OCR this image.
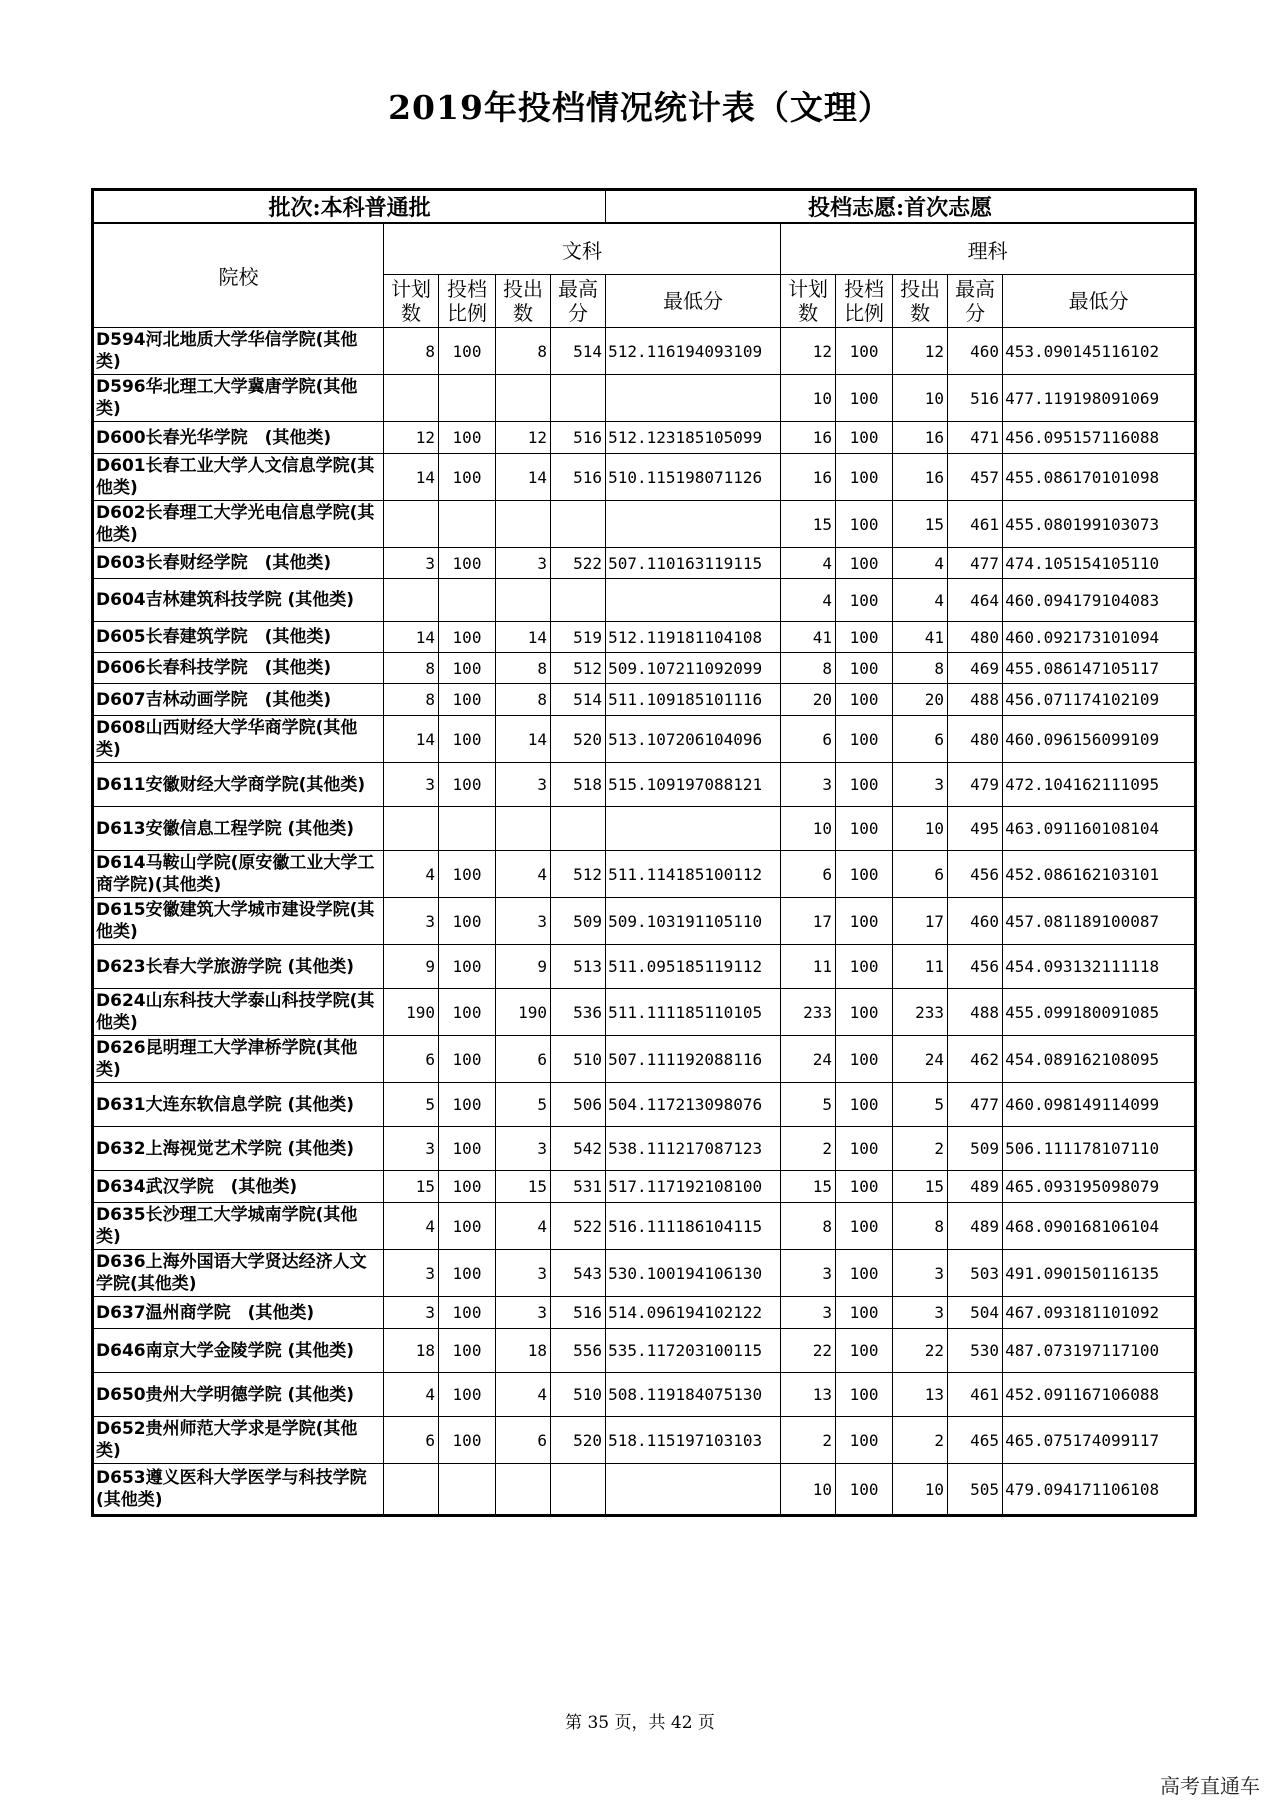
2019年投档情况统计表（文理）
批次:本科普通批					投档志愿:首次志愿					
院校	文科					理科				
	计划数	投档比例	投出数	最高分	最低分	计划数	投档比例	投出数	最高分	最低分
D594河北地质大学华信学院(其他类)	8	100	8	514	512.116194093109	12	100	12	460	453.090145116102
D596华北理工大学冀唐学院(其他类)						10	100	10	516	477.119198091069
D600长春光华学院　(其他类)	12	100	12	516	512.123185105099	16	100	16	471	456.095157116088
D601长春工业大学人文信息学院(其他类)	14	100	14	516	510.115198071126	16	100	16	457	455.086170101098
D602长春理工大学光电信息学院(其他类)						15	100	15	461	455.080199103073
D603长春财经学院　(其他类)	3	100	3	522	507.110163119115	4	100	4	477	474.105154105110
D604吉林建筑科技学院 (其他类)						4	100	4	464	460.094179104083
D605长春建筑学院　(其他类)	14	100	14	519	512.119181104108	41	100	41	480	460.092173101094
D606长春科技学院　(其他类)	8	100	8	512	509.107211092099	8	100	8	469	455.086147105117
D607吉林动画学院　(其他类)	8	100	8	514	511.109185101116	20	100	20	488	456.071174102109
D608山西财经大学华商学院(其他类)	14	100	14	520	513.107206104096	6	100	6	480	460.096156099109
D611安徽财经大学商学院(其他类)	3	100	3	518	515.109197088121	3	100	3	479	472.104162111095
D613安徽信息工程学院 (其他类)						10	100	10	495	463.091160108104
D614马鞍山学院(原安徽工业大学工商学院)(其他类)	4	100	4	512	511.114185100112	6	100	6	456	452.086162103101
D615安徽建筑大学城市建设学院(其他类)	3	100	3	509	509.103191105110	17	100	17	460	457.081189100087
D623长春大学旅游学院 (其他类)	9	100	9	513	511.095185119112	11	100	11	456	454.093132111118
D624山东科技大学泰山科技学院(其他类)	190	100	190	536	511.111185110105	233	100	233	488	455.099180091085
D626昆明理工大学津桥学院(其他类)	6	100	6	510	507.111192088116	24	100	24	462	454.089162108095
D631大连东软信息学院 (其他类)	5	100	5	506	504.117213098076	5	100	5	477	460.098149114099
D632上海视觉艺术学院 (其他类)	3	100	3	542	538.111217087123	2	100	2	509	506.111178107110
D634武汉学院　(其他类)	15	100	15	531	517.117192108100	15	100	15	489	465.093195098079
D635长沙理工大学城南学院(其他类)	4	100	4	522	516.111186104115	8	100	8	489	468.090168106104
D636上海外国语大学贤达经济人文学院(其他类)	3	100	3	543	530.100194106130	3	100	3	503	491.090150116135
D637温州商学院　(其他类)	3	100	3	516	514.096194102122	3	100	3	504	467.093181101092
D646南京大学金陵学院 (其他类)	18	100	18	556	535.117203100115	22	100	22	530	487.073197117100
D650贵州大学明德学院 (其他类)	4	100	4	510	508.119184075130	13	100	13	461	452.091167106088
D652贵州师范大学求是学院(其他类)	6	100	6	520	518.115197103103	2	100	2	465	465.075174099117
D653遵义医科大学医学与科技学院(其他类)						10	100	10	505	479.094171106108
第 35 页，共 42 页
高考直通车
